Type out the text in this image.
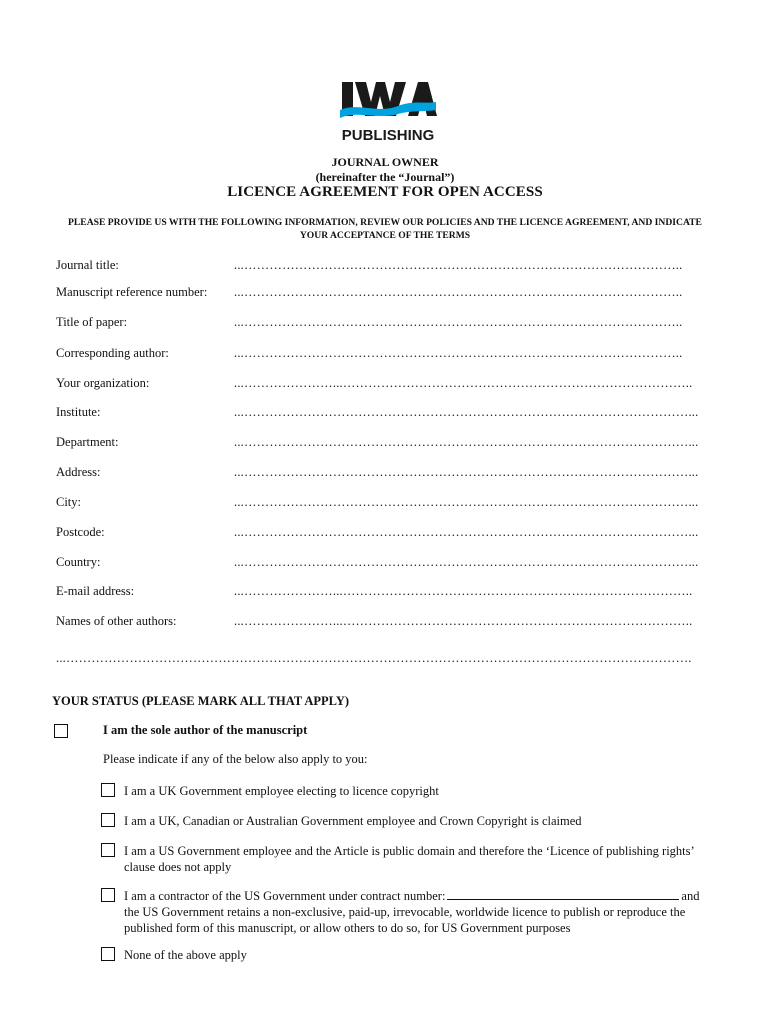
PUBLISHING
JOURNAL OWNER
(hereinafter the “Journal”)
LICENCE AGREEMENT FOR OPEN ACCESS
PLEASE PROVIDE US WITH THE FOLLOWING INFORMATION, REVIEW OUR POLICIES AND THE LICENCE AGREEMENT, AND INDICATE YOUR ACCEPTANCE OF THE TERMS
Journal title:	...…………………………………………………………………………………………..
Manuscript reference number: ...…………………………………………………………………………………………..
Title of paper:	...…………………………………………………………………………………………..
Corresponding author:	...…………………………………………………………………………………………..
Your organization:	...…………………...………………………………………………………………………..
Institute:	...……………………………………………………………………………………………...
Department:	...……………………………………………………………………………………………...
Address:	...……………………………………………………………………………………………...
City:	...……………………………………………………………………………………………...
Postcode:	...……………………………………………………………………………………………...
Country:	...……………………………………………………………………………………………...
E-mail address:	...…………………...………………………………………………………………………..
Names of other authors:	...…………………...………………………………………………………………………..
...………………………………………………………………………………………………………………………………….
YOUR STATUS (PLEASE MARK ALL THAT APPLY)
I am the sole author of the manuscript
Please indicate if any of the below also apply to you:
I am a UK Government employee electing to licence copyright
I am a UK, Canadian or Australian Government employee and Crown Copyright is claimed
I am a US Government employee and the Article is public domain and therefore the ‘Licence of publishing rights’ clause does not apply
I am a contractor of the US Government under contract number:	and the US Government retains a non-exclusive, paid-up, irrevocable, worldwide licence to publish or reproduce the published form of this manuscript, or allow others to do so, for US Government purposes
None of the above apply
